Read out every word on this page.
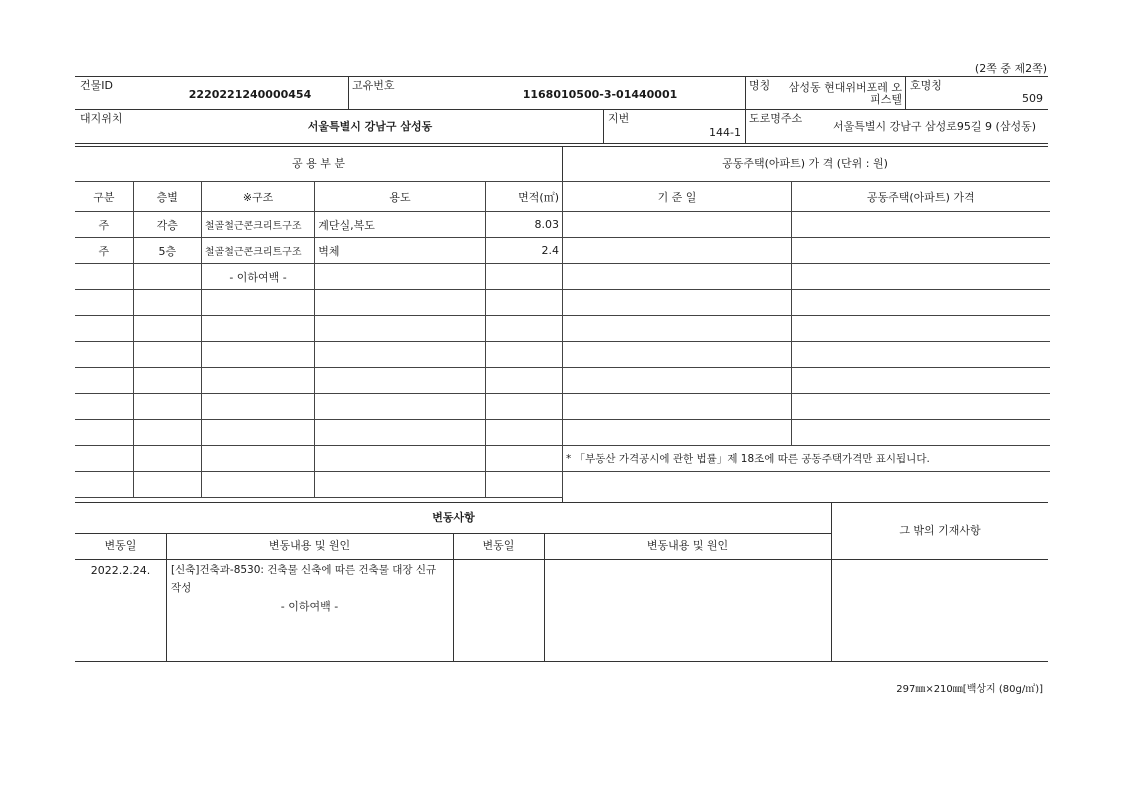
(2쪽 중 제2쪽)
건물ID
2220221240000454
고유번호
1168010500-3-01440001
명칭	삼성동 현대위버포레 오
피스텔
호명칭
509
대지위치
서울특별시 강남구 삼성동
지번
144-1
도로명주소
서울특별시 강남구 삼성로95길 9 (삼성동)
공 용 부 분	공동주택(아파트) 가 격 (단위 : 원)
구분	층별	※구조	용도	면적(㎡)
주	각층	철골철근콘크리트구조	계단실,복도	8.03
주	5층	철골철근콘크리트구조	벽체	2.4
		- 이하여백 -		

기 준 일	공동주택(아파트) 가격

* 「부동산 가격공시에 관한 법률」제 18조에 따른 공동주택가격만 표시됩니다.	
변동사항
그 밖의 기재사항
변동일	변동내용 및 원인	변동일	변동내용 및 원인
2022.2.24.	[신축]건축과-8530: 건축물 신축에 따른 건축물 대장 신규
작성
- 이하여백 -
297㎜×210㎜[백상지 (80g/㎡)]
